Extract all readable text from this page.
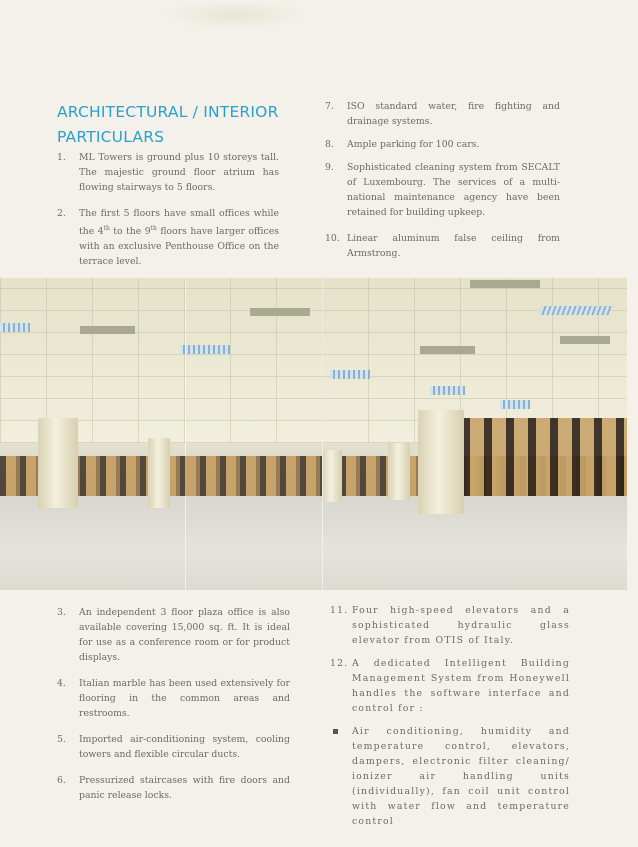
ARCHITECTURAL / INTERIOR
PARTICULARS
1. ML Towers is ground plus 10 storeys tall. The majestic ground floor atrium has flowing stairways to 5 floors.
2. The first 5 floors have small offices while the 4th to the 9th floors have larger offices with an exclusive Penthouse Office on the terrace level.
7. ISO standard water, fire fighting and drainage systems.
8. Ample parking for 100 cars.
9. Sophisticated cleaning system from SECALT of Luxembourg. The services of a multi-national maintenance agency have been retained for building upkeep.
10. Linear aluminum false ceiling from Armstrong.
3. An independent 3 floor plaza office is also available covering 15,000 sq. ft. It is ideal for use as a conference room or for product displays.
4. Italian marble has been used extensively for flooring in the common areas and restrooms.
5. Imported air-conditioning system, cooling towers and flexible circular ducts.
6. Pressurized staircases with fire doors and panic release locks.
11. Four high-speed elevators and a sophisticated hydraulic glass elevator from OTIS of Italy.
12. A dedicated Intelligent Building Management System from Honeywell handles the software interface and control for :
Air conditioning, humidity and temperature control, elevators, dampers, electronic filter cleaning/ ionizer air handling units (individually), fan coil unit control with water flow and temperature control
